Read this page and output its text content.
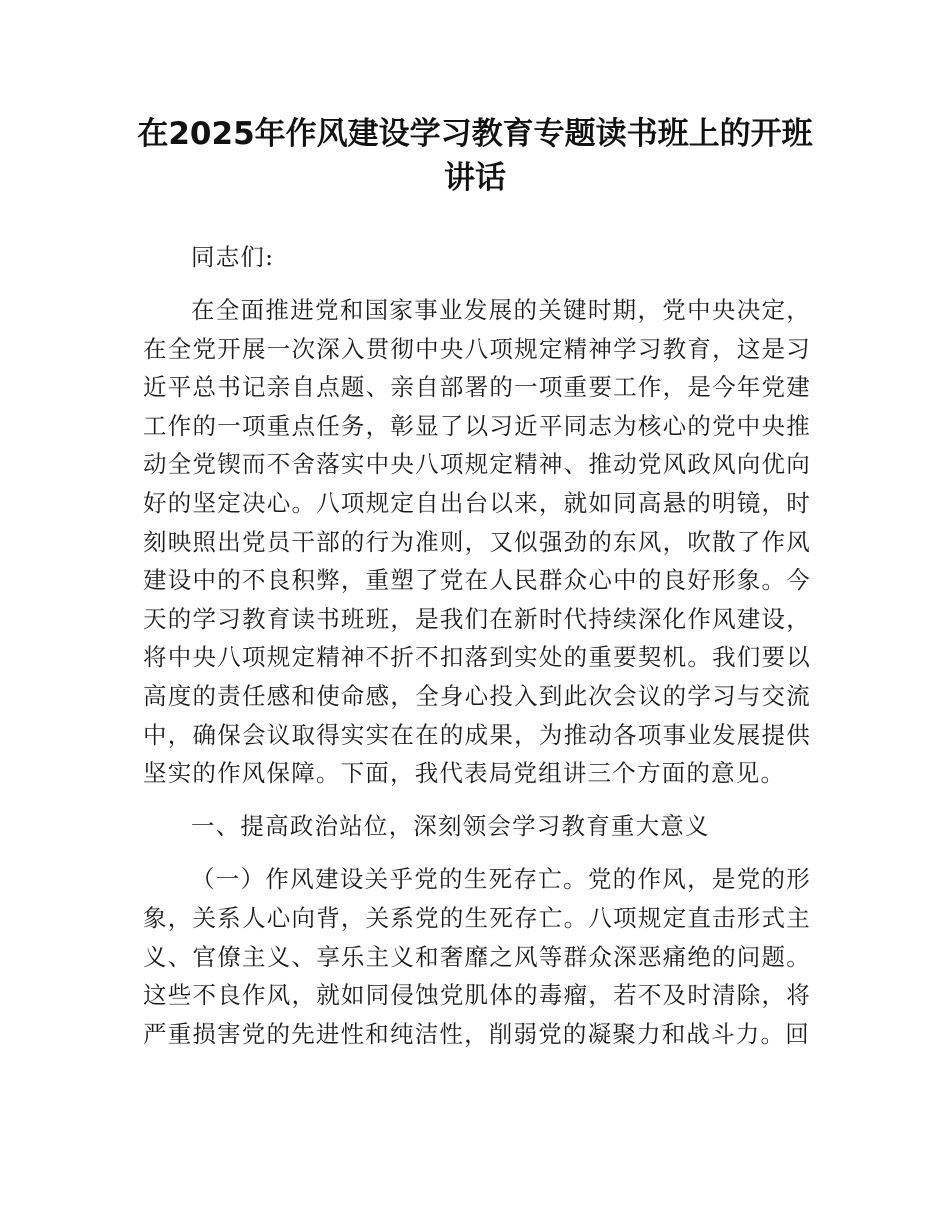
在2025年作风建设学习教育专题读书班上的开班讲话

同志们:

在全面推进党和国家事业发展的关键时期，党中央决定，在全党开展一次深入贯彻中央八项规定精神学习教育，这是习近平总书记亲自点题、亲自部署的一项重要工作，是今年党建工作的一项重点任务，彰显了以习近平同志为核心的党中央推动全党锲而不舍落实中央八项规定精神、推动党风政风向优向好的坚定决心。八项规定自出台以来，就如同高悬的明镜，时刻映照出党员干部的行为准则，又似强劲的东风，吹散了作风建设中的不良积弊，重塑了党在人民群众心中的良好形象。今天的学习教育读书班班，是我们在新时代持续深化作风建设，将中央八项规定精神不折不扣落到实处的重要契机。我们要以高度的责任感和使命感，全身心投入到此次会议的学习与交流中，确保会议取得实实在在的成果，为推动各项事业发展提供坚实的作风保障。下面，我代表局党组讲三个方面的意见。

一、提高政治站位，深刻领会学习教育重大意义

（一）作风建设关乎党的生死存亡。党的作风，是党的形象，关系人心向背，关系党的生死存亡。八项规定直击形式主义、官僚主义、享乐主义和奢靡之风等群众深恶痛绝的问题。这些不良作风，就如同侵蚀党肌体的毒瘤，若不及时清除，将严重损害党的先进性和纯洁性，削弱党的凝聚力和战斗力。回
